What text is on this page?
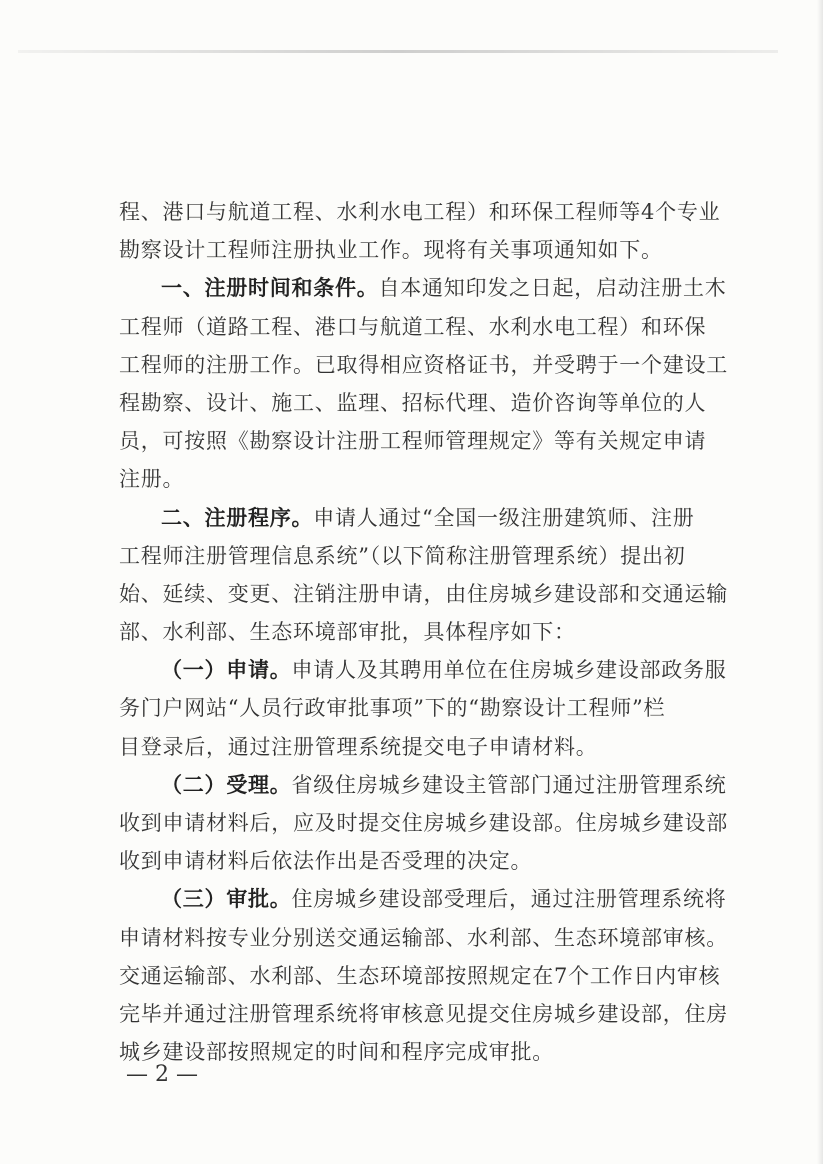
程、港口与航道工程、水利水电工程）和环保工程师等4个专业
勘察设计工程师注册执业工作。现将有关事项通知如下。
一、注册时间和条件。自本通知印发之日起，启动注册土木
工程师（道路工程、港口与航道工程、水利水电工程）和环保
工程师的注册工作。已取得相应资格证书，并受聘于一个建设工
程勘察、设计、施工、监理、招标代理、造价咨询等单位的人
员，可按照《勘察设计注册工程师管理规定》等有关规定申请
注册。
二、注册程序。申请人通过“全国一级注册建筑师、注册
工程师注册管理信息系统”（以下简称注册管理系统）提出初
始、延续、变更、注销注册申请，由住房城乡建设部和交通运输
部、水利部、生态环境部审批，具体程序如下：
（一）申请。申请人及其聘用单位在住房城乡建设部政务服
务门户网站“人员行政审批事项”下的“勘察设计工程师”栏
目登录后，通过注册管理系统提交电子申请材料。
（二）受理。省级住房城乡建设主管部门通过注册管理系统
收到申请材料后，应及时提交住房城乡建设部。住房城乡建设部
收到申请材料后依法作出是否受理的决定。
（三）审批。住房城乡建设部受理后，通过注册管理系统将
申请材料按专业分别送交通运输部、水利部、生态环境部审核。
交通运输部、水利部、生态环境部按照规定在7个工作日内审核
完毕并通过注册管理系统将审核意见提交住房城乡建设部，住房
城乡建设部按照规定的时间和程序完成审批。
— 2 —
